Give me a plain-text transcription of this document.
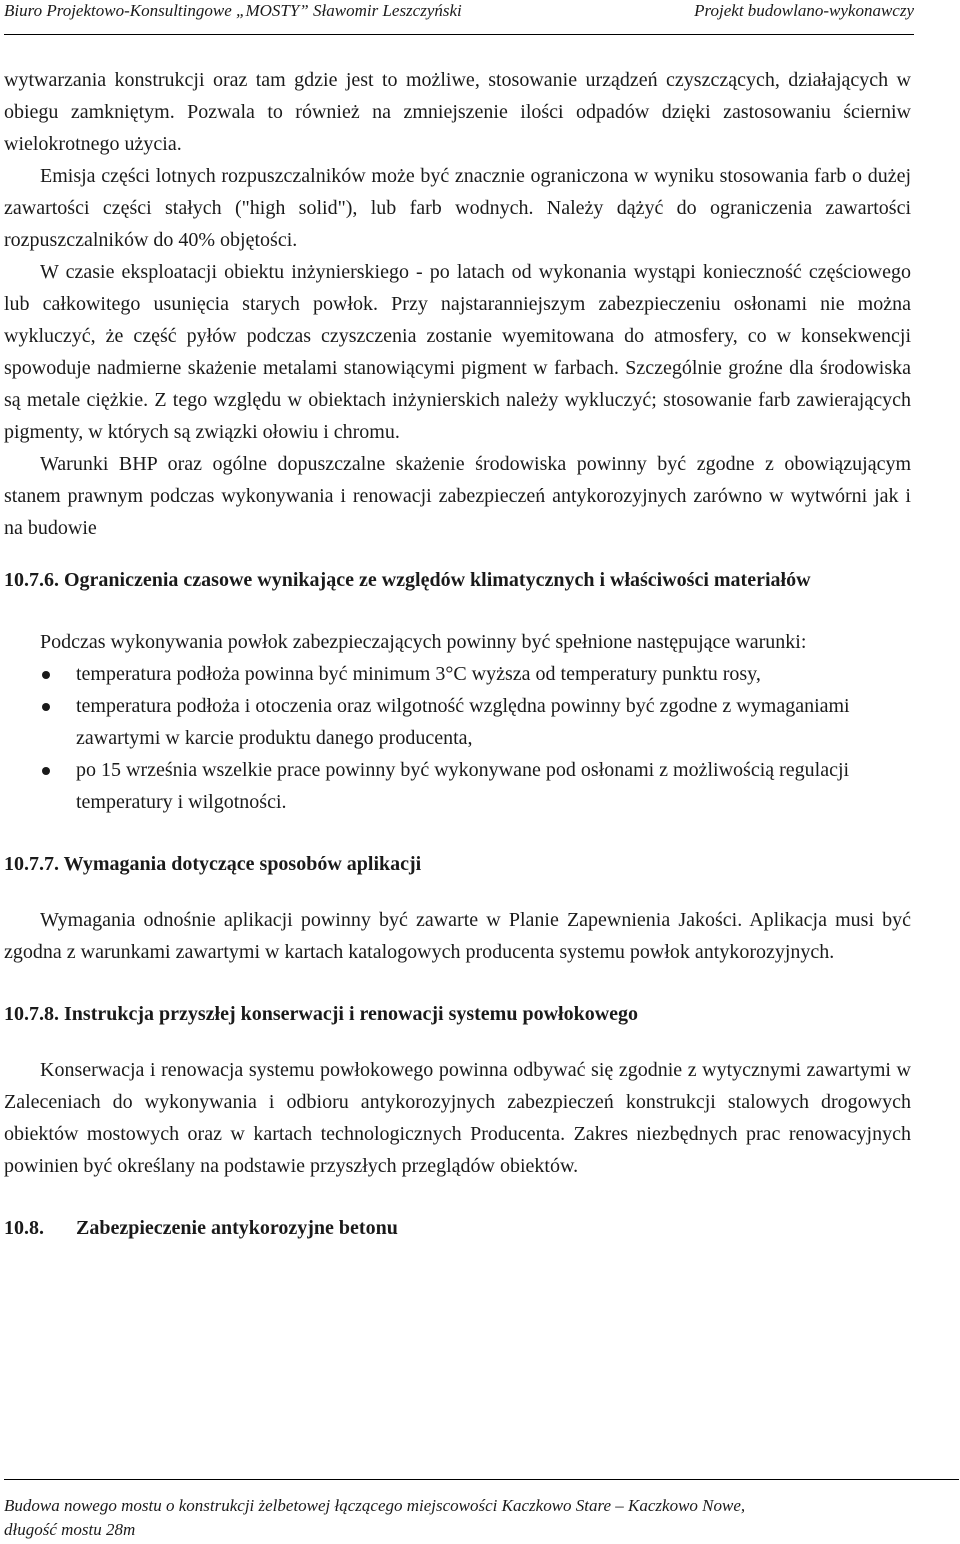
Biuro Projektowo-Konsultingowe „MOSTY” Sławomir Leszczyński	Projekt budowlano-wykonawczy

wytwarzania konstrukcji oraz tam gdzie jest to możliwe, stosowanie urządzeń czyszczących, działających w obiegu zamkniętym. Pozwala to również na zmniejszenie ilości odpadów dzięki zastosowaniu ścierniw wielokrotnego użycia.

Emisja części lotnych rozpuszczalników może być znacznie ograniczona w wyniku stosowania farb o dużej zawartości części stałych ("high solid"), lub farb wodnych. Należy dążyć do ograniczenia zawartości rozpuszczalników do 40% objętości.

W czasie eksploatacji obiektu inżynierskiego - po latach od wykonania wystąpi konieczność częściowego lub całkowitego usunięcia starych powłok. Przy najstaranniejszym zabezpieczeniu osłonami nie można wykluczyć, że część pyłów podczas czyszczenia zostanie wyemitowana do atmosfery, co w konsekwencji spowoduje nadmierne skażenie metalami stanowiącymi pigment w farbach. Szczególnie groźne dla środowiska są metale ciężkie. Z tego względu w obiektach inżynierskich należy wykluczyć; stosowanie farb zawierających pigmenty, w których są związki ołowiu i chromu.

Warunki BHP oraz ogólne dopuszczalne skażenie środowiska powinny być zgodne z obowiązującym stanem prawnym podczas wykonywania i renowacji zabezpieczeń antykorozyjnych zarówno w wytwórni jak i na budowie

10.7.6. Ograniczenia czasowe wynikające ze względów klimatycznych i właściwości materiałów

Podczas wykonywania powłok zabezpieczających powinny być spełnione następujące warunki:

temperatura podłoża powinna być minimum 3°C wyższa od temperatury punktu rosy,
temperatura podłoża i otoczenia oraz wilgotność względna powinny być zgodne z wymaganiami zawartymi w karcie produktu danego producenta,
po 15 września wszelkie prace powinny być wykonywane pod osłonami z możliwością regulacji temperatury i wilgotności.

10.7.7. Wymagania dotyczące sposobów aplikacji

Wymagania odnośnie aplikacji powinny być zawarte w Planie Zapewnienia Jakości. Aplikacja musi być zgodna z warunkami zawartymi w kartach katalogowych producenta systemu powłok antykorozyjnych.

10.7.8. Instrukcja przyszłej konserwacji i renowacji systemu powłokowego

Konserwacja i renowacja systemu powłokowego powinna odbywać się zgodnie z wytycznymi zawartymi w Zaleceniach do wykonywania i odbioru antykorozyjnych zabezpieczeń konstrukcji stalowych drogowych obiektów mostowych oraz w kartach technologicznych Producenta. Zakres niezbędnych prac renowacyjnych powinien być określany na podstawie przyszłych przeglądów obiektów.

10.8. Zabezpieczenie antykorozyjne betonu

Budowa nowego mostu o konstrukcji żelbetowej łączącego miejscowości Kaczkowo Stare – Kaczkowo Nowe,
długość mostu 28m
